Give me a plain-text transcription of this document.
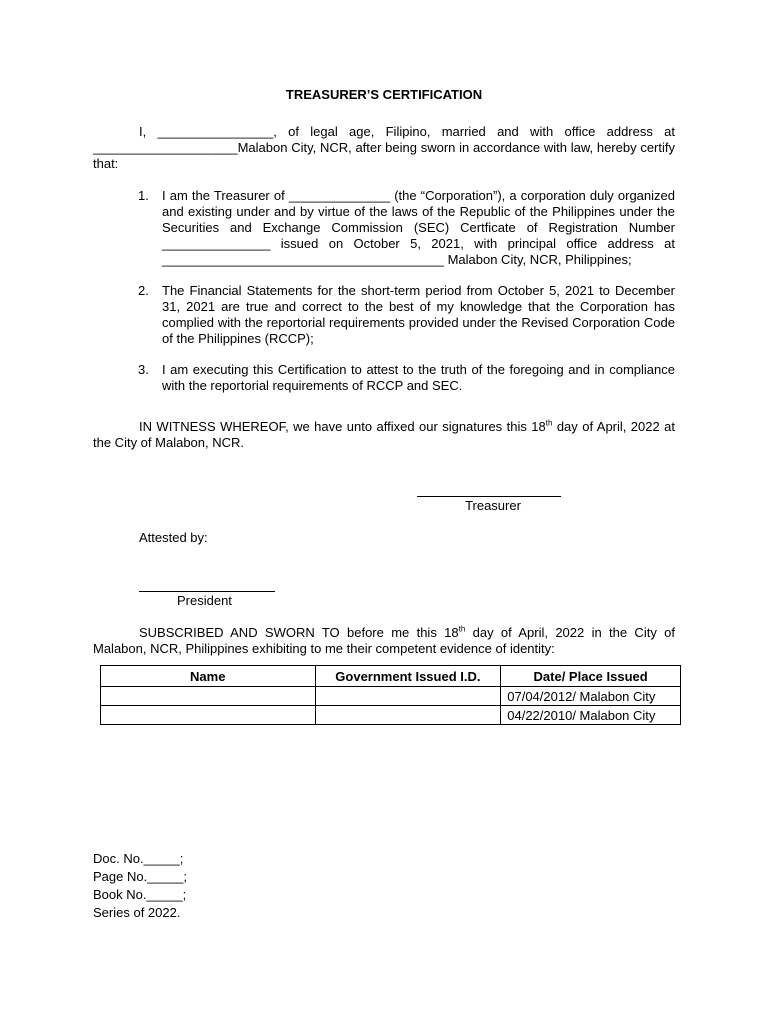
TREASURER’S CERTIFICATION
I, ________________, of legal age, Filipino, married and with office address at
____________________Malabon City, NCR, after being sworn in accordance with law, hereby certify that:
1.	I am the Treasurer of ______________ (the “Corporation”), a corporation duly organized and existing under and by virtue of the laws of the Republic of the Philippines under the Securities and Exchange Commission (SEC) Certficate of Registration Number _______________ issued on October 5, 2021, with principal office address at _______________________________________ Malabon City, NCR, Philippines;
2.	The Financial Statements for the short-term period from October 5, 2021 to December 31, 2021 are true and correct to the best of my knowledge that the Corporation has complied with the reportorial requirements provided under the Revised Corporation Code of the Philippines (RCCP);
3.	I am executing this Certification to attest to the truth of the foregoing and in compliance with the reportorial requirements of RCCP and SEC.
IN WITNESS WHEREOF, we have unto affixed our signatures this 18th day of April, 2022 at the City of Malabon, NCR.
Treasurer
Attested by:
President
SUBSCRIBED AND SWORN TO before me this 18th day of April, 2022 in the City of Malabon, NCR, Philippines exhibiting to me their competent evidence of identity:
Name	Government Issued I.D.	Date/ Place Issued
		07/04/2012/ Malabon City
		04/22/2010/ Malabon City
Doc. No._____;
Page No._____;
Book No._____;
Series of 2022.
